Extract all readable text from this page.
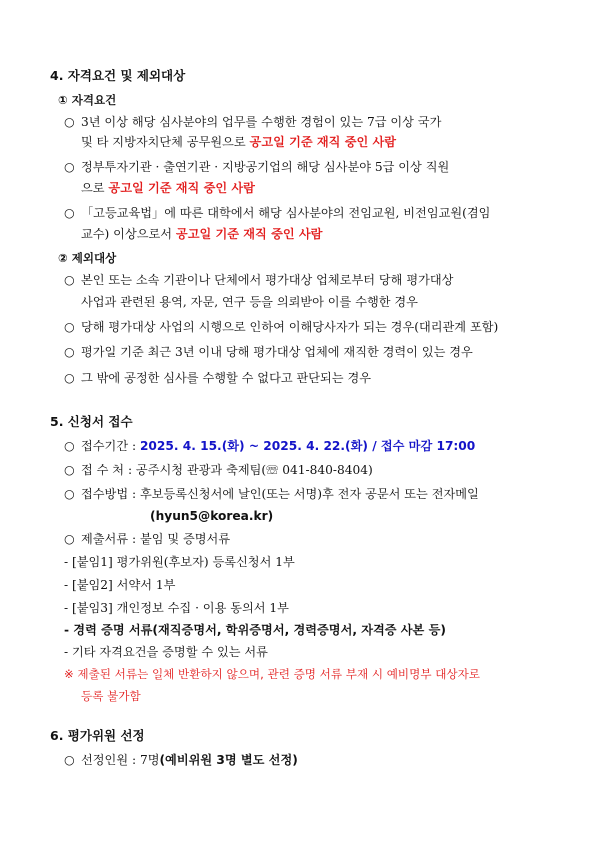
4. 자격요건 및 제외대상
① 자격요건
○ 3년 이상 해당 심사분야의 업무를 수행한 경험이 있는 7급 이상 국가
및 타 지방자치단체 공무원으로 공고일 기준 재직 중인 사람
○ 정부투자기관 · 출연기관 · 지방공기업의 해당 심사분야 5급 이상 직원
으로 공고일 기준 재직 중인 사람
○ 「고등교육법」에 따른 대학에서 해당 심사분야의 전임교원, 비전임교원(겸임
교수) 이상으로서 공고일 기준 재직 중인 사람
② 제외대상
○ 본인 또는 소속 기관이나 단체에서 평가대상 업체로부터 당해 평가대상
사업과 관련된 용역, 자문, 연구 등을 의뢰받아 이를 수행한 경우
○ 당해 평가대상 사업의 시행으로 인하여 이해당사자가 되는 경우(대리관계 포함)
○ 평가일 기준 최근 3년 이내 당해 평가대상 업체에 재직한 경력이 있는 경우
○ 그 밖에 공정한 심사를 수행할 수 없다고 판단되는 경우
5. 신청서 접수
○ 접수기간 : 2025. 4. 15.(화) ~ 2025. 4. 22.(화) / 접수 마감 17:00
○ 접 수 처 : 공주시청 관광과 축제팀(☏ 041-840-8404)
○ 접수방법 : 후보등록신청서에 날인(또는 서명)후 전자 공문서 또는 전자메일
(hyun5@korea.kr)
○ 제출서류 : 붙임 및 증명서류
- [붙임1] 평가위원(후보자) 등록신청서 1부
- [붙임2] 서약서 1부
- [붙임3] 개인정보 수집 · 이용 동의서 1부
- 경력 증명 서류(재직증명서, 학위증명서, 경력증명서, 자격증 사본 등)
- 기타 자격요건을 증명할 수 있는 서류
※ 제출된 서류는 일체 반환하지 않으며, 관련 증명 서류 부재 시 예비명부 대상자로
등록 불가함
6. 평가위원 선정
○ 선정인원 : 7명(예비위원 3명 별도 선정)
